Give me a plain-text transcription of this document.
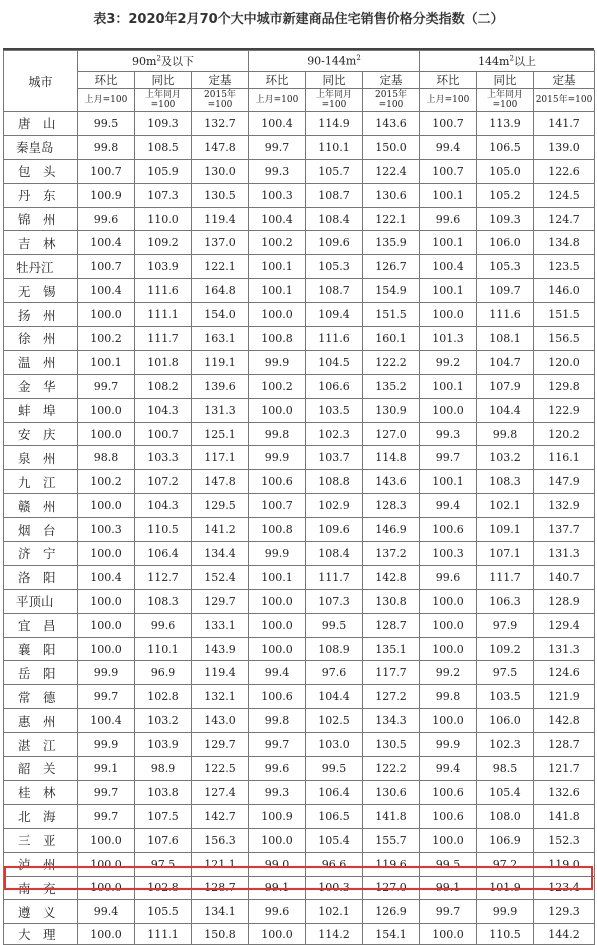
表3：2020年2月70个大中城市新建商品住宅销售价格分类指数（二）
城市	$90m^2$及以下			$90-144m^2$			$144m^2$以上		
	环比	同比	定基	环比	同比	定基	环比	同比	定基
	上月=100	上年同月=100	2015年=100	上月=100	上年同月=100	2015年=100	上月=100	上年同月=100	2015年=100
唐　山	99.5	109.3	132.7	100.4	114.9	143.6	100.7	113.9	141.7
秦皇岛	99.8	108.5	147.8	99.7	110.1	150.0	99.4	106.5	139.0
包　头	100.7	105.9	130.0	99.3	105.7	122.4	100.7	105.0	122.6
丹　东	100.9	107.3	130.5	100.3	108.7	130.6	100.1	105.2	124.5
锦　州	99.6	110.0	119.4	100.4	108.4	122.1	99.6	109.3	124.7
吉　林	100.4	109.2	137.0	100.2	109.6	135.9	100.1	106.0	134.8
牡丹江	100.7	103.9	122.1	100.1	105.3	126.7	100.4	105.3	123.5
无　锡	100.4	111.6	164.8	100.1	108.7	154.9	100.1	109.7	146.0
扬　州	100.0	111.1	154.0	100.0	109.4	151.5	100.0	111.6	151.5
徐　州	100.2	111.7	163.1	100.8	111.6	160.1	101.3	108.1	156.5
温　州	100.1	101.8	119.1	99.9	104.5	122.2	99.2	104.7	120.0
金　华	99.7	108.2	139.6	100.2	106.6	135.2	100.1	107.9	129.8
蚌　埠	100.0	104.3	131.3	100.0	103.5	130.9	100.0	104.4	122.9
安　庆	100.0	100.7	125.1	99.8	102.3	127.0	99.3	99.8	120.2
泉　州	98.8	103.3	117.1	99.9	103.7	114.8	99.7	103.2	116.1
九　江	100.2	107.2	147.8	100.6	108.8	143.6	100.1	108.3	147.9
赣　州	100.0	104.3	129.5	100.7	102.9	128.3	99.4	102.1	132.9
烟　台	100.3	110.5	141.2	100.8	109.6	146.9	100.6	109.1	137.7
济　宁	100.0	106.4	134.4	99.9	108.4	137.2	100.3	107.1	131.3
洛　阳	100.4	112.7	152.4	100.1	111.7	142.8	99.6	111.7	140.7
平顶山	100.0	108.3	129.7	100.0	107.3	130.8	100.0	106.3	128.9
宜　昌	100.0	99.6	133.1	100.0	99.5	128.7	100.0	97.9	129.4
襄　阳	100.0	110.1	143.9	100.0	108.9	135.1	100.0	109.2	131.3
岳　阳	99.9	96.9	119.4	99.4	97.6	117.7	99.2	97.5	124.6
常　德	99.7	102.8	132.1	100.6	104.4	127.2	99.8	103.5	121.9
惠　州	100.4	103.2	143.0	99.8	102.5	134.3	100.0	106.0	142.8
湛　江	99.9	103.9	129.7	99.7	103.0	130.5	99.9	102.3	128.7
韶　关	99.1	98.9	122.5	99.6	99.5	122.2	99.4	98.5	121.7
桂　林	99.7	103.8	127.4	99.3	106.4	130.6	100.6	105.4	132.6
北　海	99.7	107.5	142.7	100.9	106.5	141.8	100.6	108.0	141.8
三　亚	100.0	107.6	156.3	100.0	105.4	155.7	100.0	106.9	152.3
泸　州	100.0	97.5	121.1	99.0	96.6	119.6	99.5	97.2	119.0
南　充	100.0	102.8	128.7	99.1	100.3	127.0	99.1	101.9	123.4
遵　义	99.4	105.5	134.1	99.6	102.1	126.9	99.7	99.9	129.3
大　理	100.0	111.1	150.8	100.0	114.2	154.1	100.0	110.5	144.2
